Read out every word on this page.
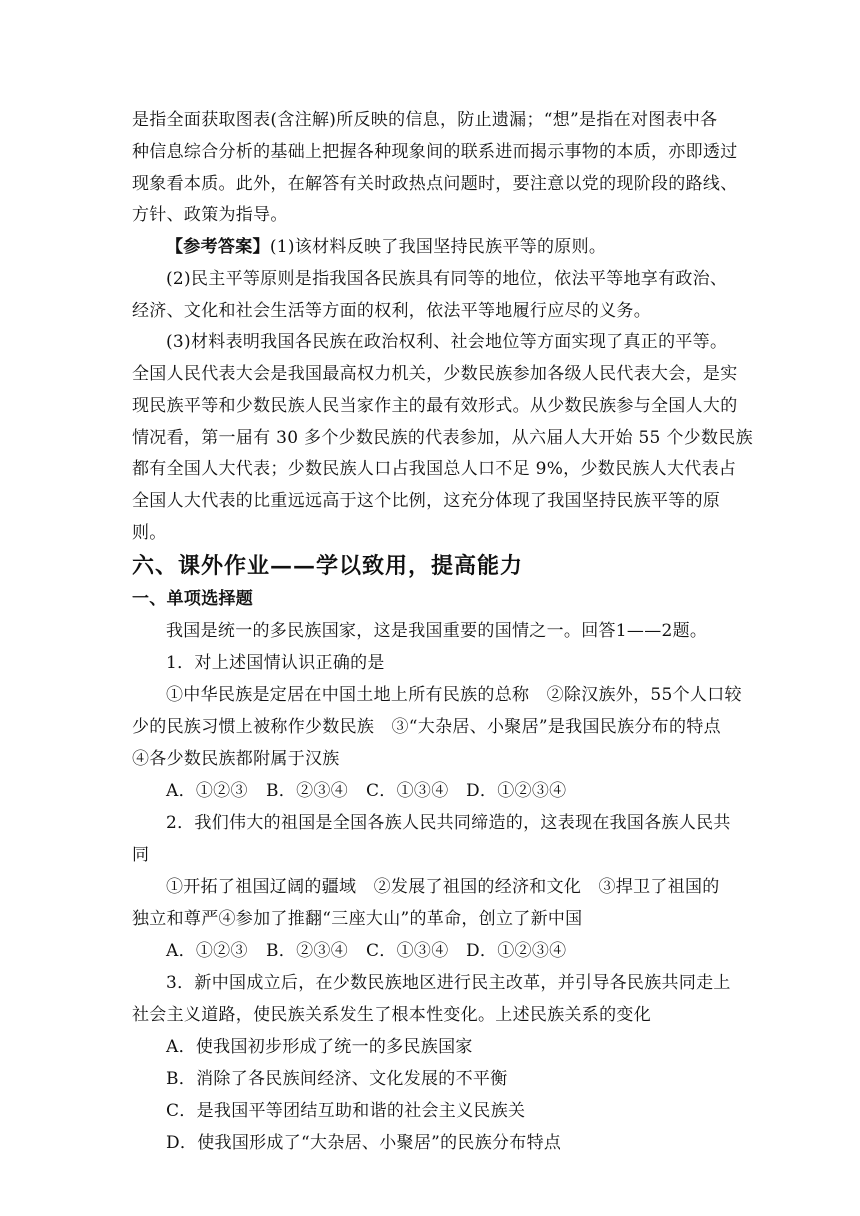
是指全面获取图表(含注解)所反映的信息，防止遗漏；“想”是指在对图表中各
种信息综合分析的基础上把握各种现象间的联系进而揭示事物的本质，亦即透过
现象看本质。此外，在解答有关时政热点问题时，要注意以党的现阶段的路线、
方针、政策为指导。
【参考答案】(1)该材料反映了我国坚持民族平等的原则。
(2)民主平等原则是指我国各民族具有同等的地位，依法平等地享有政治、
经济、文化和社会生活等方面的权利，依法平等地履行应尽的义务。
(3)材料表明我国各民族在政治权利、社会地位等方面实现了真正的平等。
全国人民代表大会是我国最高权力机关，少数民族参加各级人民代表大会，是实
现民族平等和少数民族人民当家作主的最有效形式。从少数民族参与全国人大的
情况看，第一届有 30 多个少数民族的代表参加，从六届人大开始 55 个少数民族
都有全国人大代表；少数民族人口占我国总人口不足 9%，少数民族人大代表占
全国人大代表的比重远远高于这个比例，这充分体现了我国坚持民族平等的原
则。
六、课外作业——学以致用，提高能力
一、单项选择题
我国是统一的多民族国家，这是我国重要的国情之一。回答1——2题。
1．对上述国情认识正确的是
①中华民族是定居在中国土地上所有民族的总称　②除汉族外，55个人口较
少的民族习惯上被称作少数民族　③“大杂居、小聚居”是我国民族分布的特点
④各少数民族都附属于汉族
A．①②③ B．②③④ C．①③④ D．①②③④
2．我们伟大的祖国是全国各族人民共同缔造的，这表现在我国各族人民共
同
①开拓了祖国辽阔的疆域　②发展了祖国的经济和文化　③捍卫了祖国的
独立和尊严④参加了推翻“三座大山”的革命，创立了新中国
A．①②③ B．②③④ C．①③④ D．①②③④
3．新中国成立后，在少数民族地区进行民主改革，并引导各民族共同走上
社会主义道路，使民族关系发生了根本性变化。上述民族关系的变化
A．使我国初步形成了统一的多民族国家
B．消除了各民族间经济、文化发展的不平衡
C．是我国平等团结互助和谐的社会主义民族关
D．使我国形成了“大杂居、小聚居”的民族分布特点
